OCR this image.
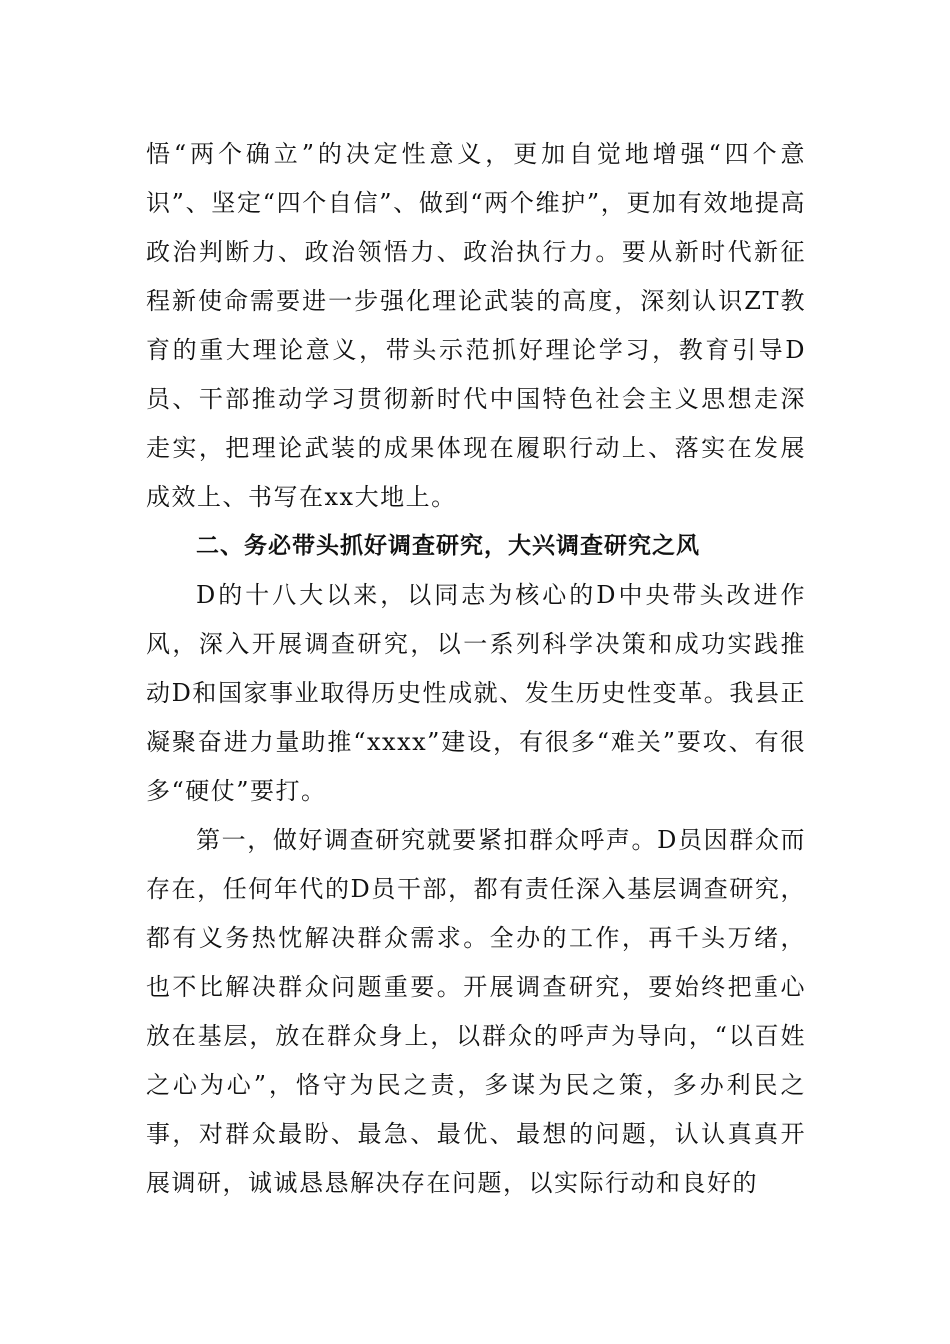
悟“两个确立”的决定性意义，更加自觉地增强“四个意识”、坚定“四个自信”、做到“两个维护”，更加有效地提高政治判断力、政治领悟力、政治执行力。要从新时代新征程新使命需要进一步强化理论武装的高度，深刻认识ZT教育的重大理论意义，带头示范抓好理论学习，教育引导D员、干部推动学习贯彻新时代中国特色社会主义思想走深走实，把理论武装的成果体现在履职行动上、落实在发展成效上、书写在xx大地上。

二、务必带头抓好调查研究，大兴调查研究之风

D的十八大以来，以同志为核心的D中央带头改进作风，深入开展调查研究，以一系列科学决策和成功实践推动D和国家事业取得历史性成就、发生历史性变革。我县正凝聚奋进力量助推“xxxx”建设，有很多“难关”要攻、有很多“硬仗”要打。

第一，做好调查研究就要紧扣群众呼声。D员因群众而存在，任何年代的D员干部，都有责任深入基层调查研究，都有义务热忱解决群众需求。全办的工作，再千头万绪，也不比解决群众问题重要。开展调查研究，要始终把重心放在基层，放在群众身上，以群众的呼声为导向，“以百姓之心为心”，恪守为民之责，多谋为民之策，多办利民之事，对群众最盼、最急、最优、最想的问题，认认真真开展调研，诚诚恳恳解决存在问题，以实际行动和良好的
